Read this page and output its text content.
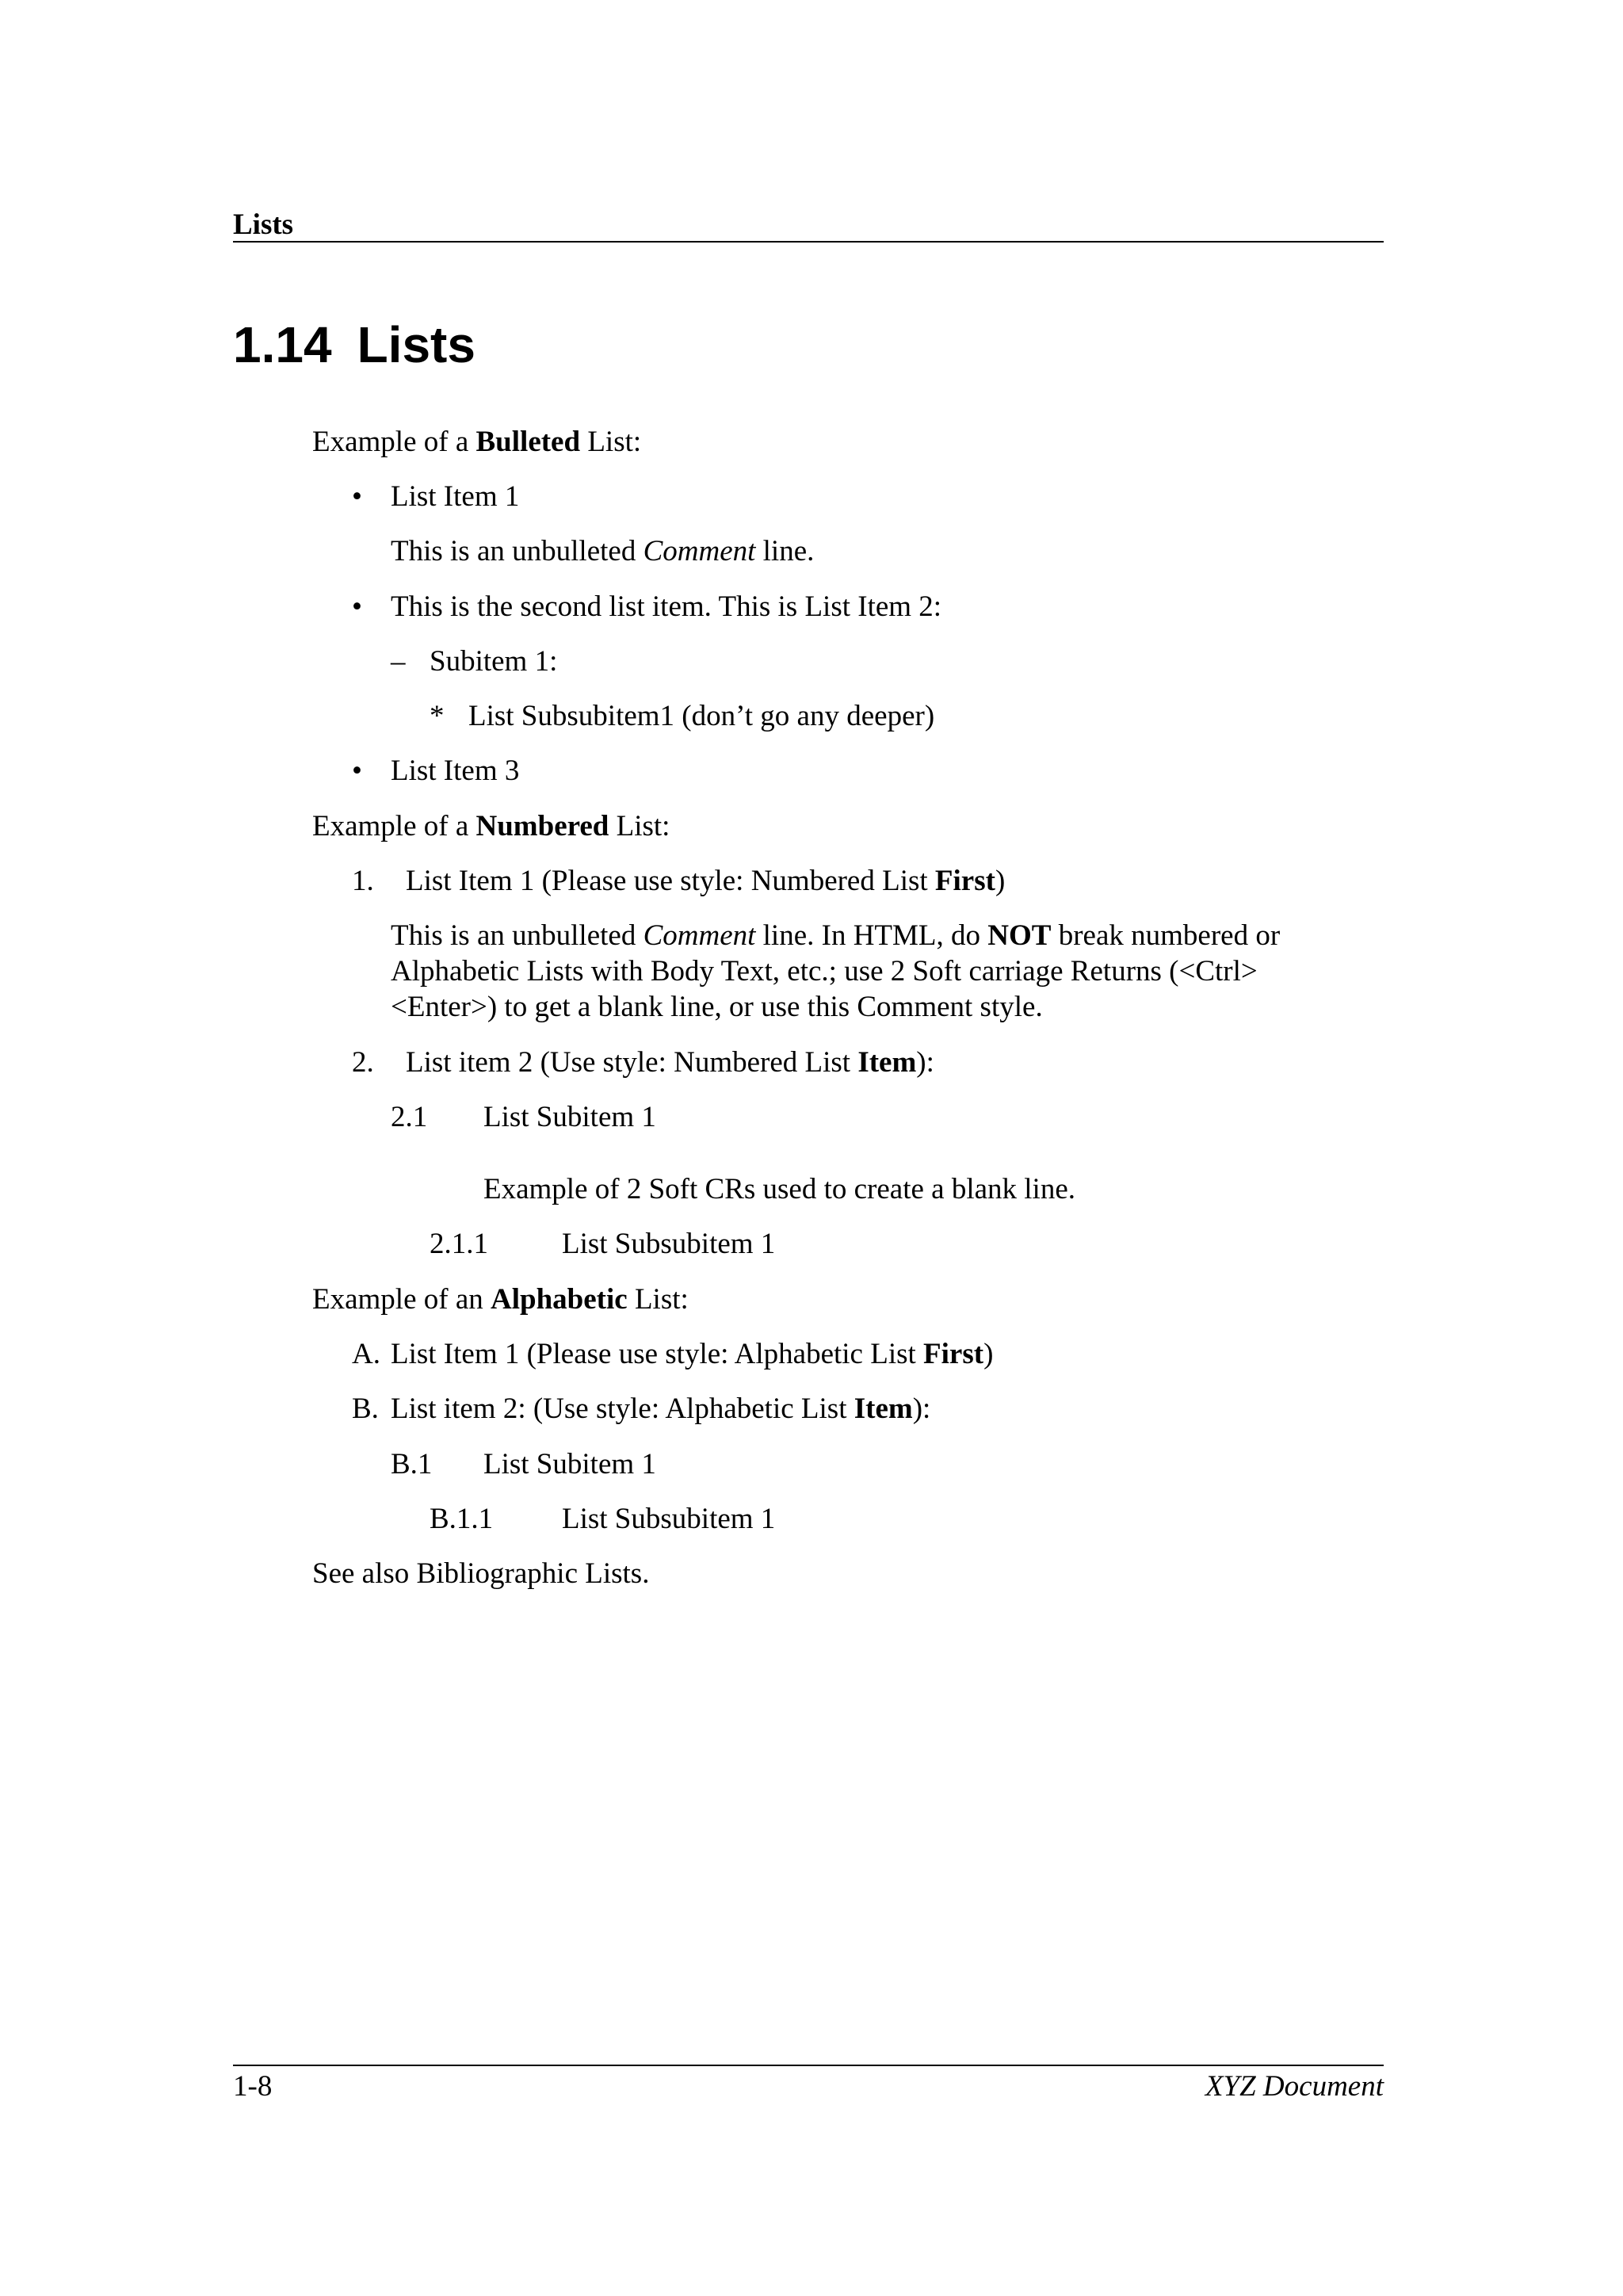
Lists
1.14 Lists
Example of a Bulleted List:
• List Item 1
This is an unbulleted Comment line.
• This is the second list item. This is List Item 2:
– Subitem 1:
* List Subsubitem1 (don’t go any deeper)
• List Item 3
Example of a Numbered List:
1. List Item 1 (Please use style: Numbered List First)
This is an unbulleted Comment line. In HTML, do NOT break numbered or Alphabetic Lists with Body Text, etc.; use 2 Soft carriage Returns (<Ctrl><Enter>) to get a blank line, or use this Comment style.
2. List item 2 (Use style: Numbered List Item):
2.1 List Subitem 1
Example of 2 Soft CRs used to create a blank line.
2.1.1	List Subsubitem 1
Example of an Alphabetic List:
A. List Item 1 (Please use style: Alphabetic List First)
B. List item 2: (Use style: Alphabetic List Item):
B.1 List Subitem 1
B.1.1 List Subsubitem 1
See also Bibliographic Lists.
1-8	XYZ Document
